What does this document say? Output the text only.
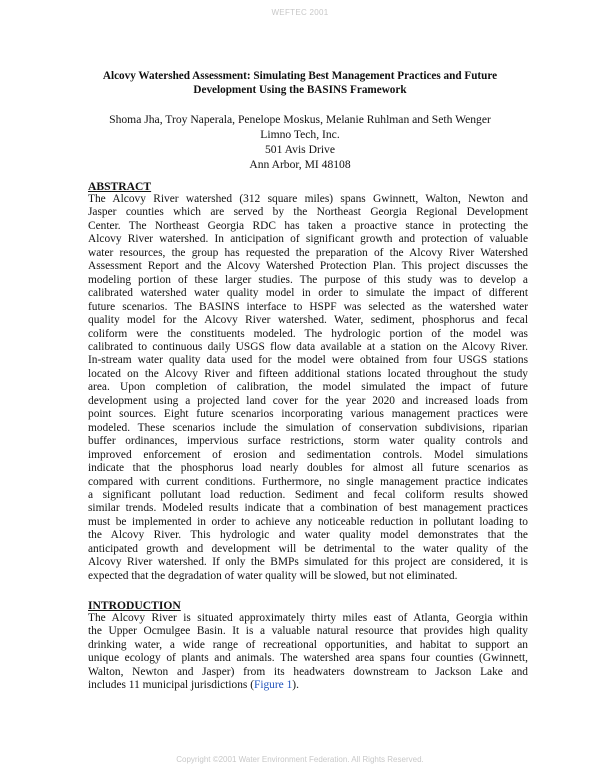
WEFTEC 2001
Alcovy Watershed Assessment: Simulating Best Management Practices and Future
Development Using the BASINS Framework
Shoma Jha, Troy Naperala, Penelope Moskus, Melanie Ruhlman and Seth Wenger
Limno Tech, Inc.
501 Avis Drive
Ann Arbor, MI 48108
ABSTRACT
The Alcovy River watershed (312 square miles) spans Gwinnett, Walton, Newton and
Jasper counties which are served by the Northeast Georgia Regional Development
Center. The Northeast Georgia RDC has taken a proactive stance in protecting the
Alcovy River watershed. In anticipation of significant growth and protection of valuable
water resources, the group has requested the preparation of the Alcovy River Watershed
Assessment Report and the Alcovy Watershed Protection Plan. This project discusses the
modeling portion of these larger studies. The purpose of this study was to develop a
calibrated watershed water quality model in order to simulate the impact of different
future scenarios. The BASINS interface to HSPF was selected as the watershed water
quality model for the Alcovy River watershed. Water, sediment, phosphorus and fecal
coliform were the constituents modeled. The hydrologic portion of the model was
calibrated to continuous daily USGS flow data available at a station on the Alcovy River.
In-stream water quality data used for the model were obtained from four USGS stations
located on the Alcovy River and fifteen additional stations located throughout the study
area. Upon completion of calibration, the model simulated the impact of future
development using a projected land cover for the year 2020 and increased loads from
point sources. Eight future scenarios incorporating various management practices were
modeled. These scenarios include the simulation of conservation subdivisions, riparian
buffer ordinances, impervious surface restrictions, storm water quality controls and
improved enforcement of erosion and sedimentation controls. Model simulations
indicate that the phosphorus load nearly doubles for almost all future scenarios as
compared with current conditions. Furthermore, no single management practice indicates
a significant pollutant load reduction. Sediment and fecal coliform results showed
similar trends. Modeled results indicate that a combination of best management practices
must be implemented in order to achieve any noticeable reduction in pollutant loading to
the Alcovy River. This hydrologic and water quality model demonstrates that the
anticipated growth and development will be detrimental to the water quality of the
Alcovy River watershed. If only the BMPs simulated for this project are considered, it is
expected that the degradation of water quality will be slowed, but not eliminated.
INTRODUCTION
The Alcovy River is situated approximately thirty miles east of Atlanta, Georgia within
the Upper Ocmulgee Basin. It is a valuable natural resource that provides high quality
drinking water, a wide range of recreational opportunities, and habitat to support an
unique ecology of plants and animals. The watershed area spans four counties (Gwinnett,
Walton, Newton and Jasper) from its headwaters downstream to Jackson Lake and
includes 11 municipal jurisdictions (Figure 1).
Copyright ©2001 Water Environment Federation. All Rights Reserved.
